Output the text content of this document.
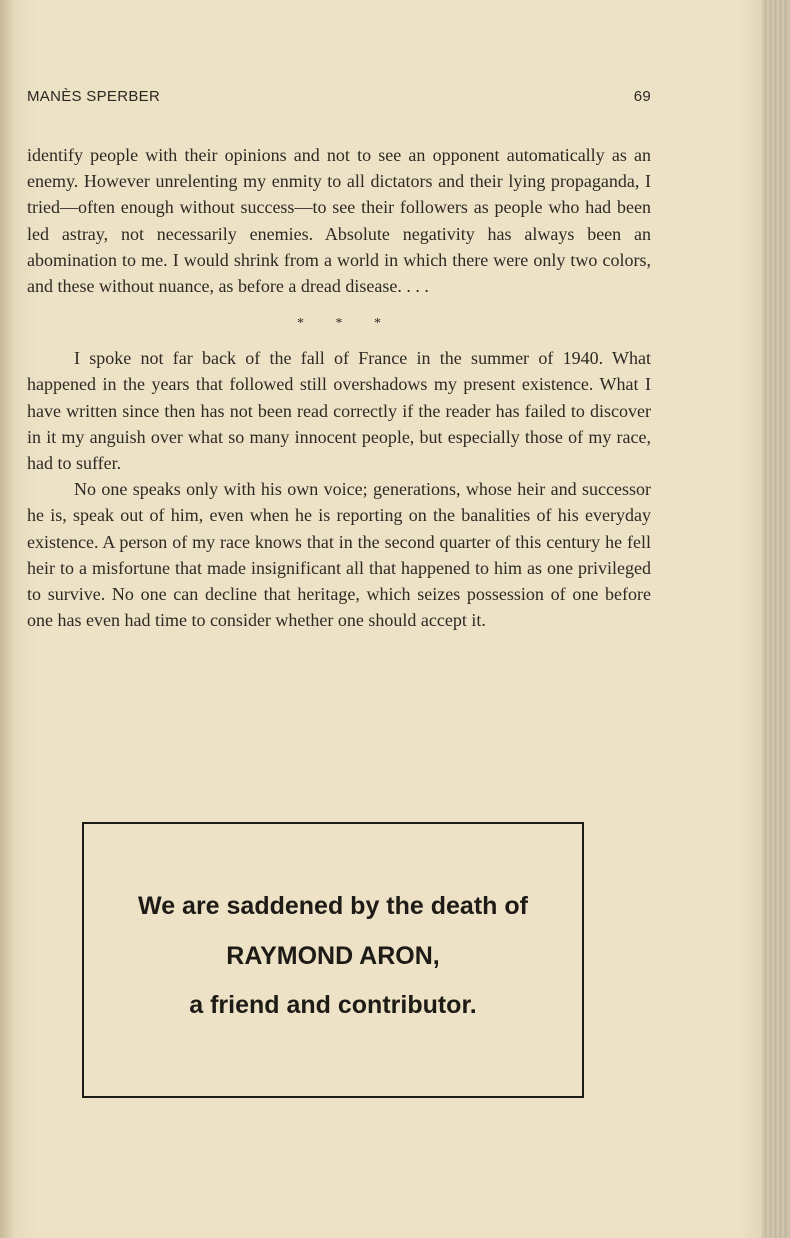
MANÈS SPERBER	69

identify people with their opinions and not to see an opponent automatically as an enemy. However unrelenting my enmity to all dictators and their lying propaganda, I tried—often enough without success—to see their followers as people who had been led astray, not necessarily enemies. Absolute negativity has always been an abomination to me. I would shrink from a world in which there were only two colors, and these without nuance, as before a dread disease. . . .

* * *

I spoke not far back of the fall of France in the summer of 1940. What happened in the years that followed still overshadows my present existence. What I have written since then has not been read correctly if the reader has failed to discover in it my anguish over what so many innocent people, but especially those of my race, had to suffer.

No one speaks only with his own voice; generations, whose heir and successor he is, speak out of him, even when he is reporting on the banalities of his everyday existence. A person of my race knows that in the second quarter of this century he fell heir to a misfortune that made insignificant all that happened to him as one privileged to survive. No one can decline that heritage, which seizes possession of one before one has even had time to consider whether one should accept it.

We are saddened by the death of
RAYMOND ARON,
a friend and contributor.
